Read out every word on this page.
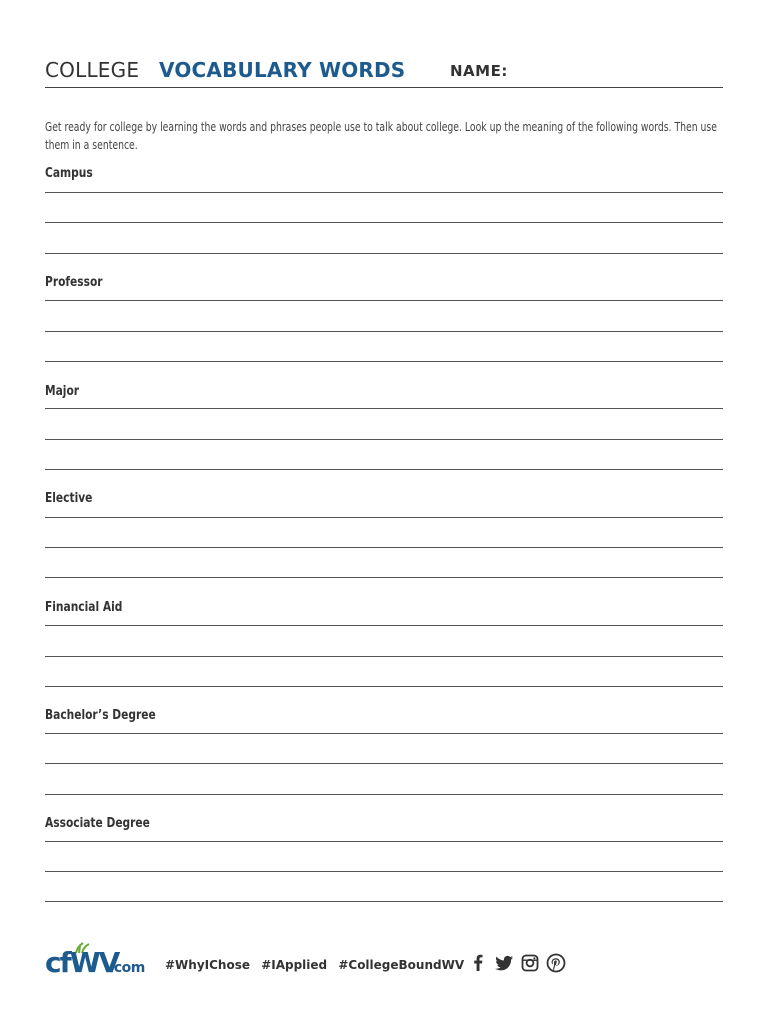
COLLEGE VOCABULARY WORDS	NAME:
Get ready for college by learning the words and phrases people use to talk about college. Look up the meaning of the following words. Then use them in a sentence.
Campus
Professor
Major
Elective
Financial Aid
Bachelor’s Degree
Associate Degree
cfWV
.com #WhyIChose #IApplied #CollegeBoundWV
